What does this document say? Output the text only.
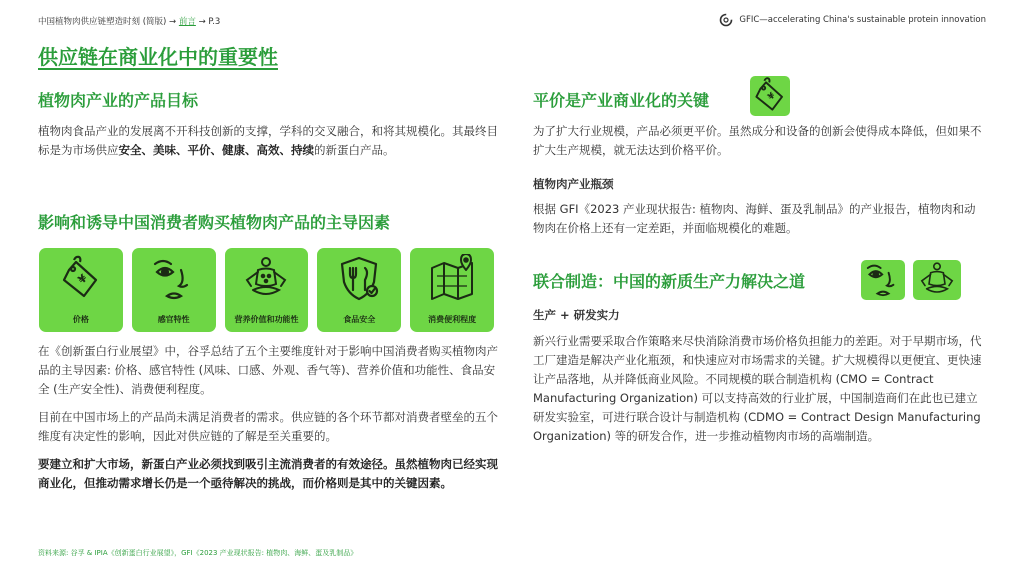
中国植物肉供应链塑造时刻 (简版) → 前言 → P.3	GFIC—accelerating China's sustainable protein innovation
供应链在商业化中的重要性
植物肉产业的产品目标
植物肉食品产业的发展离不开科技创新的支撑，学科的交叉融合，和将其规模化。其最终目标是为市场供应安全、美味、平价、健康、高效、持续的新蛋白产品。
影响和诱导中国消费者购买植物肉产品的主导因素
¥
价格	感官特性	营养价值和功能性	食品安全	消费便利程度
在《创新蛋白行业展望》中，谷孚总结了五个主要维度针对于影响中国消费者购买植物肉产品的主导因素: 价格、感官特性 (风味、口感、外观、香气等)、营养价值和功能性、食品安全 (生产安全性)、消费便利程度。
目前在中国市场上的产品尚未满足消费者的需求。供应链的各个环节都对消费者壁垒的五个维度有决定性的影响，因此对供应链的了解是至关重要的。
要建立和扩大市场，新蛋白产业必须找到吸引主流消费者的有效途径。虽然植物肉已经实现商业化，但推动需求增长仍是一个亟待解决的挑战，而价格则是其中的关键因素。
平价是产业商业化的关键	¥
为了扩大行业规模，产品必须更平价。虽然成分和设备的创新会使得成本降低，但如果不扩大生产规模，就无法达到价格平价。
植物肉产业瓶颈
根据 GFI《2023 产业现状报告: 植物肉、海鲜、蛋及乳制品》的产业报告，植物肉和动物肉在价格上还有一定差距，并面临规模化的难题。
联合制造：中国的新质生产力解决之道
生产 + 研发实力
新兴行业需要采取合作策略来尽快消除消费市场价格负担能力的差距。对于早期市场，代工厂建造是解决产业化瓶颈，和快速应对市场需求的关键。扩大规模得以更便宜、更快速让产品落地，从并降低商业风险。不同规模的联合制造机构 (CMO = Contract Manufacturing Organization) 可以支持高效的行业扩展，中国制造商们在此也已建立研发实验室，可进行联合设计与制造机构 (CDMO = Contract Design Manufacturing Organization) 等的研发合作，进一步推动植物肉市场的高端制造。
资料来源: 谷孚 & IPIA《创新蛋白行业展望》，GFI《2023 产业现状报告: 植物肉、海鲜、蛋及乳制品》
